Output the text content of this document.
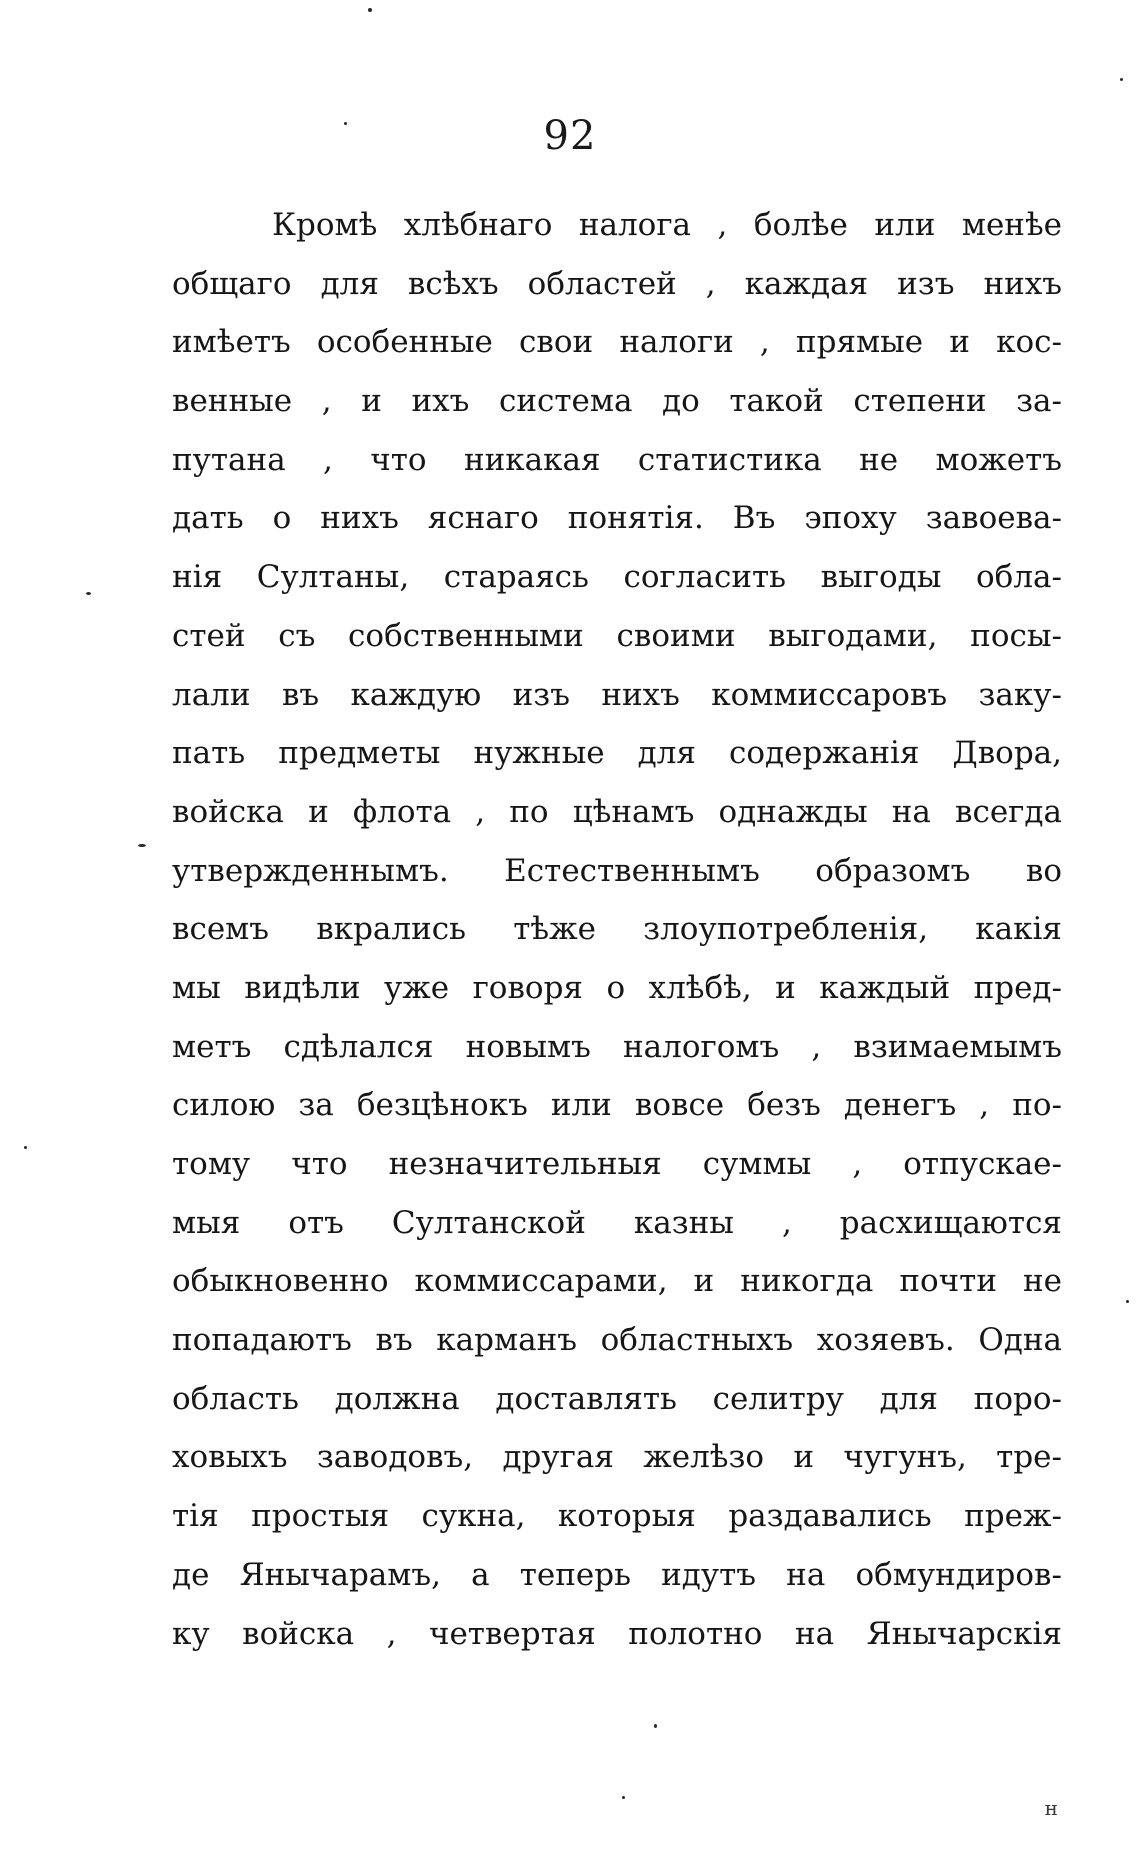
92
Кромѣ хлѣбнаго налога , болѣе или менѣе
общаго для всѣхъ областей , каждая изъ нихъ
имѣетъ особенные свои налоги , прямые и кос-
венные , и ихъ система до такой степени за-
путана , что никакая статистика не можетъ
дать о нихъ яснаго понятія. Въ эпоху завоева-
нія Султаны, стараясь согласить выгоды обла-
стей съ собственными своими выгодами, посы-
лали въ каждую изъ нихъ коммиссаровъ заку-
пать предметы нужные для содержанія Двора,
войска и флота , по цѣнамъ однажды на всегда
утвержденнымъ. Естественнымъ образомъ во
всемъ вкрались тѣже злоупотребленія, какія
мы видѣли уже говоря о хлѣбѣ, и каждый пред-
метъ сдѣлался новымъ налогомъ , взимаемымъ
силою за безцѣнокъ или вовсе безъ денегъ , по-
тому что незначительныя суммы , отпускае-
мыя отъ Султанской казны , расхищаются
обыкновенно коммиссарами, и никогда почти не
попадаютъ въ карманъ областныхъ хозяевъ. Одна
область должна доставлять селитру для поро-
ховыхъ заводовъ, другая желѣзо и чугунъ, тре-
тія простыя сукна, которыя раздавались преж-
де Янычарамъ, а теперь идутъ на обмундиров-
ку войска , четвертая полотно на Янычарскія
н
